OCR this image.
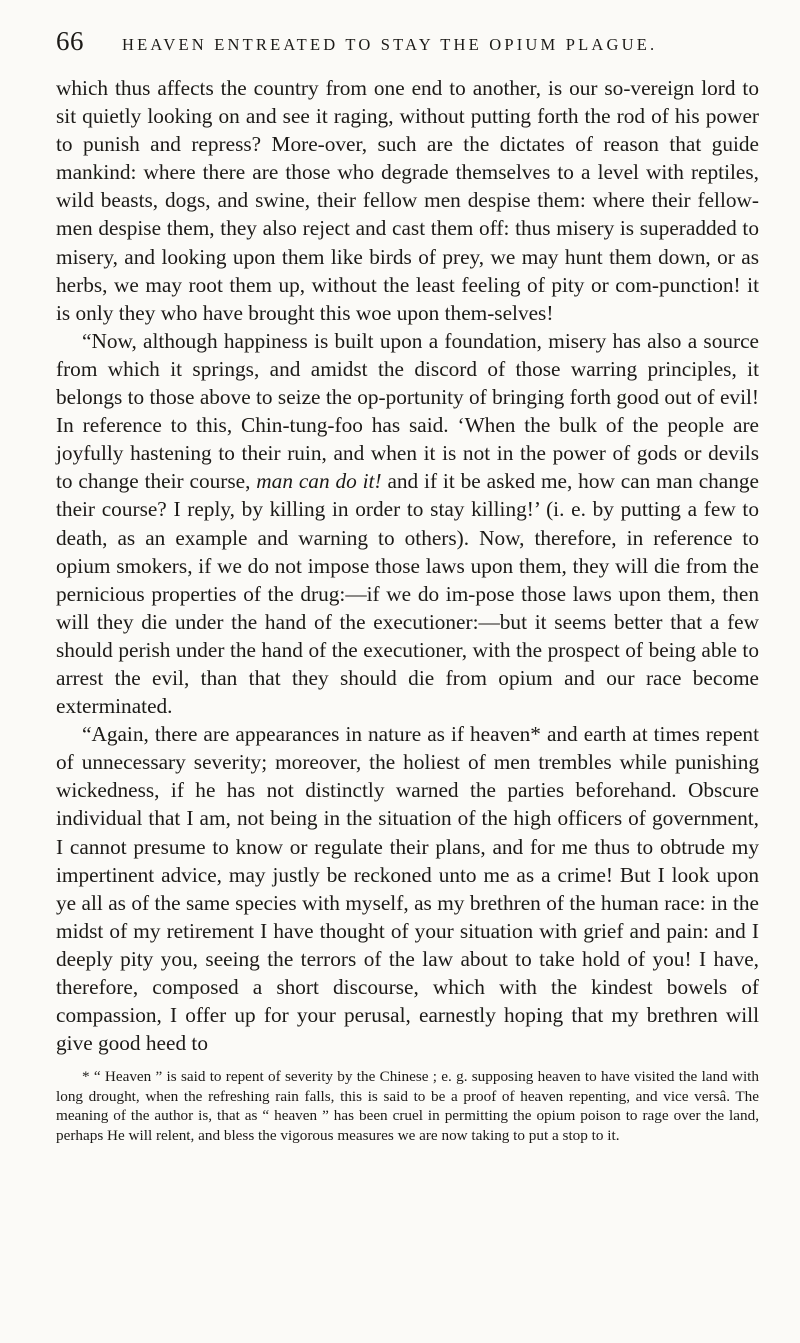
66	HEAVEN ENTREATED TO STAY THE OPIUM PLAGUE.

which thus affects the country from one end to another, is our so-vereign lord to sit quietly looking on and see it raging, without putting forth the rod of his power to punish and repress? More-over, such are the dictates of reason that guide mankind: where there are those who degrade themselves to a level with reptiles, wild beasts, dogs, and swine, their fellow men despise them: where their fellow-men despise them, they also reject and cast them off: thus misery is superadded to misery, and looking upon them like birds of prey, we may hunt them down, or as herbs, we may root them up, without the least feeling of pity or com-punction! it is only they who have brought this woe upon them-selves!

“Now, although happiness is built upon a foundation, misery has also a source from which it springs, and amidst the discord of those warring principles, it belongs to those above to seize the op-portunity of bringing forth good out of evil! In reference to this, Chin-tung-foo has said. ‘When the bulk of the people are joyfully hastening to their ruin, and when it is not in the power of gods or devils to change their course, man can do it! and if it be asked me, how can man change their course? I reply, by killing in order to stay killing!’ (i. e. by putting a few to death, as an example and warning to others). Now, therefore, in reference to opium smokers, if we do not impose those laws upon them, they will die from the pernicious properties of the drug:—if we do im-pose those laws upon them, then will they die under the hand of the executioner:—but it seems better that a few should perish under the hand of the executioner, with the prospect of being able to arrest the evil, than that they should die from opium and our race become exterminated.

“Again, there are appearances in nature as if heaven* and earth at times repent of unnecessary severity; moreover, the holiest of men trembles while punishing wickedness, if he has not distinctly warned the parties beforehand. Obscure individual that I am, not being in the situation of the high officers of government, I cannot presume to know or regulate their plans, and for me thus to obtrude my impertinent advice, may justly be reckoned unto me as a crime! But I look upon ye all as of the same species with myself, as my brethren of the human race: in the midst of my retirement I have thought of your situation with grief and pain: and I deeply pity you, seeing the terrors of the law about to take hold of you! I have, therefore, composed a short discourse, which with the kindest bowels of compassion, I offer up for your perusal, earnestly hoping that my brethren will give good heed to

* “ Heaven ” is said to repent of severity by the Chinese ; e. g. supposing heaven to have visited the land with long drought, when the refreshing rain falls, this is said to be a proof of heaven repenting, and vice versâ. The meaning of the author is, that as “ heaven ” has been cruel in permitting the opium poison to rage over the land, perhaps He will relent, and bless the vigorous measures we are now taking to put a stop to it.
